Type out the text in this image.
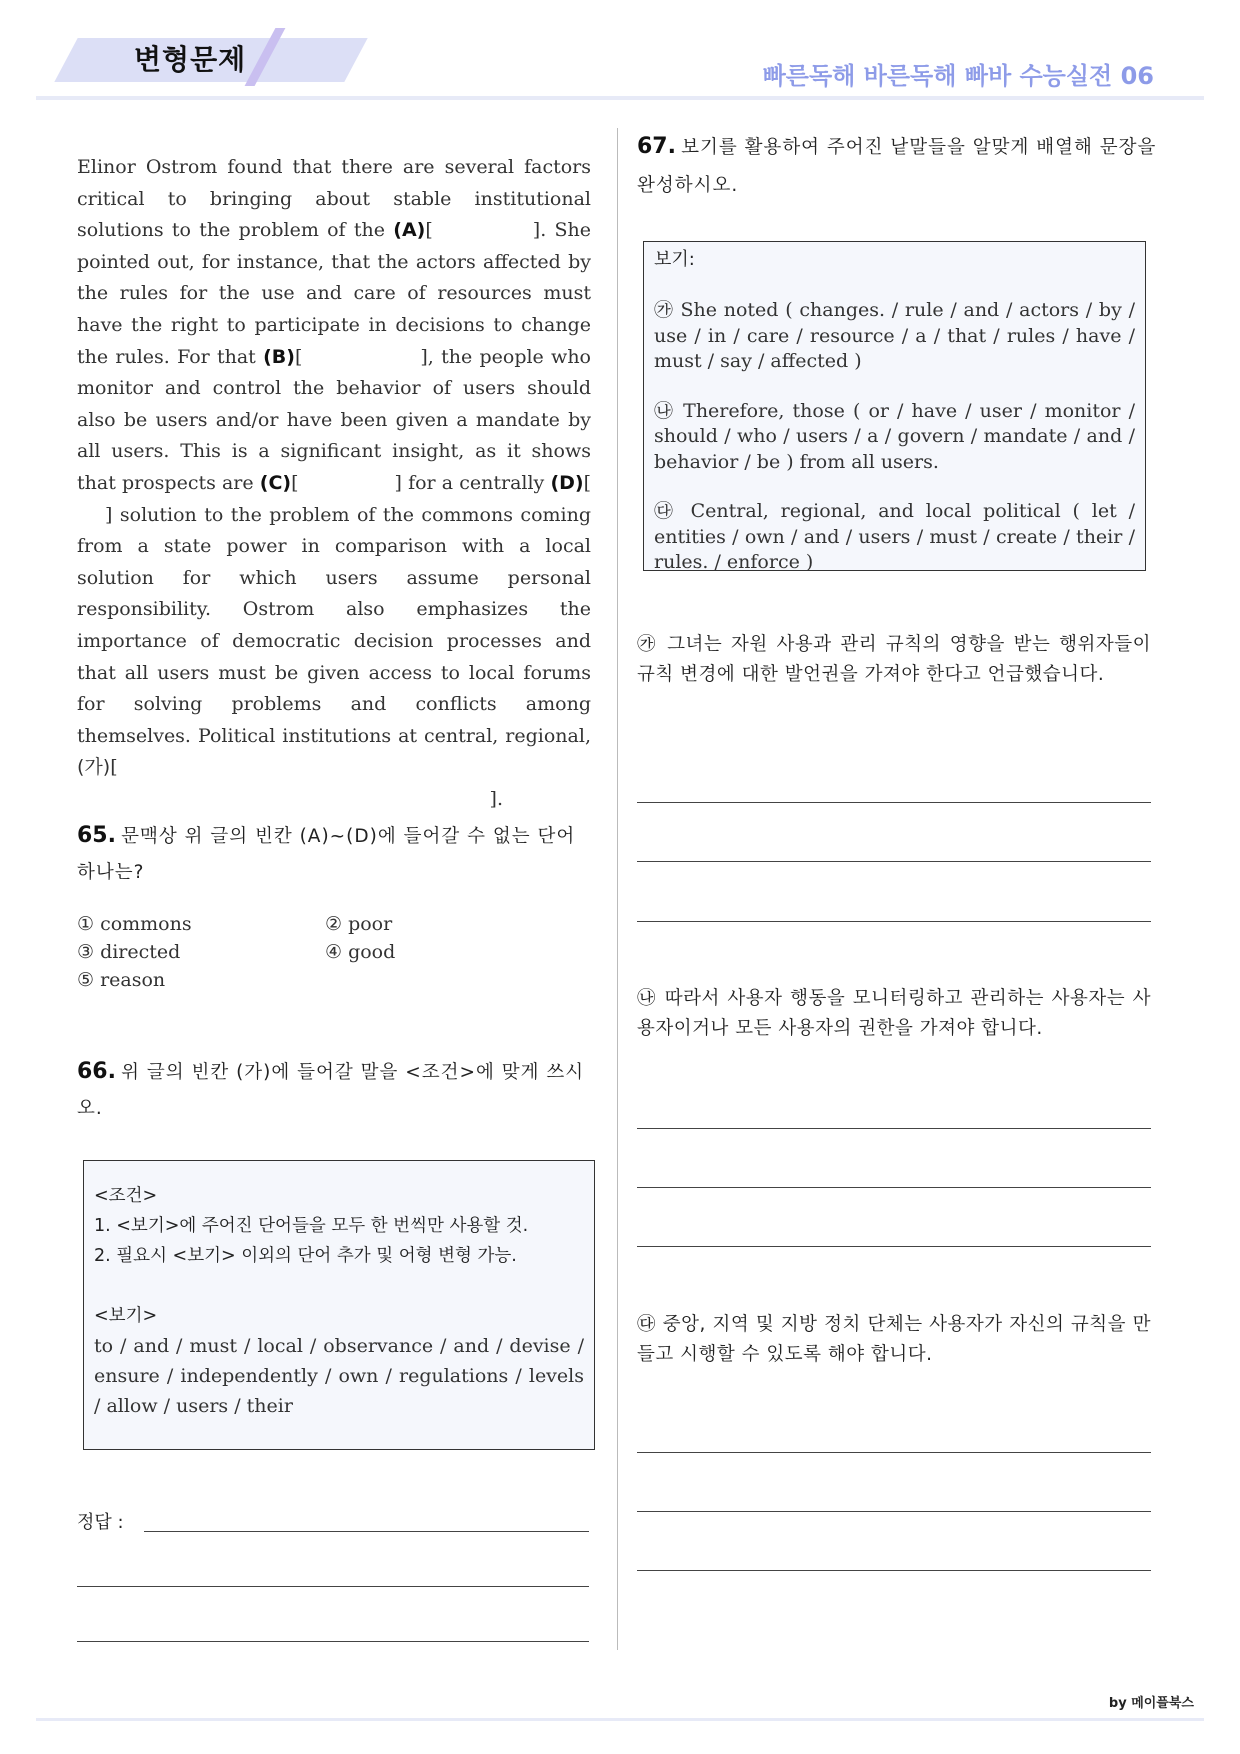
변형문제	빠른독해 바른독해 빠바 수능실전 06
Elinor Ostrom found that there are several factors critical to bringing about stable institutional solutions to the problem of the (A)[	]. She pointed out, for instance, that the actors affected by the rules for the use and care of resources must have the right to participate in decisions to change the rules. For that (B)[	], the people who monitor and control the behavior of users should also be users and/or have been given a mandate by all users. This is a significant insight, as it shows that prospects are (C)[	] for a centrally (D)[] solution to the problem of the commons coming from a state power in comparison with a local solution for which users assume personal responsibility. Ostrom also emphasizes the importance of democratic decision processes and that all users must be given access to local forums for solving problems and conflicts among themselves. Political institutions at central, regional, (가)[
].
65. 문맥상 위 글의 빈칸 (A)~(D)에 들어갈 수 없는 단어 하나는?
① commons	② poor
③ directed	④ good
⑤ reason
66. 위 글의 빈칸 (가)에 들어갈 말을 <조건>에 맞게 쓰시오.
<조건>
1. <보기>에 주어진 단어들을 모두 한 번씩만 사용할 것.
2. 필요시 <보기> 이외의 단어 추가 및 어형 변형 가능.
<보기>
to / and / must / local / observance / and / devise / ensure / independently / own / regulations / levels / allow / users / their
정답 :
67. 보기를 활용하여 주어진 낱말들을 알맞게 배열해 문장을 완성하시오.
보기:
㉮ She noted ( changes. / rule / and / actors / by / use / in / care / resource / a / that / rules / have / must / say / affected )
㉯ Therefore, those ( or / have / user / monitor / should / who / users / a / govern / mandate / and / behavior / be ) from all users.
㉰ Central, regional, and local political ( let / entities / own / and / users / must / create / their / rules. / enforce )
㉮ 그녀는 자원 사용과 관리 규칙의 영향을 받는 행위자들이 규칙 변경에 대한 발언권을 가져야 한다고 언급했습니다.
㉯ 따라서 사용자 행동을 모니터링하고 관리하는 사용자는 사용자이거나 모든 사용자의 권한을 가져야 합니다.
㉰ 중앙, 지역 및 지방 정치 단체는 사용자가 자신의 규칙을 만들고 시행할 수 있도록 해야 합니다.
by 메이플북스
